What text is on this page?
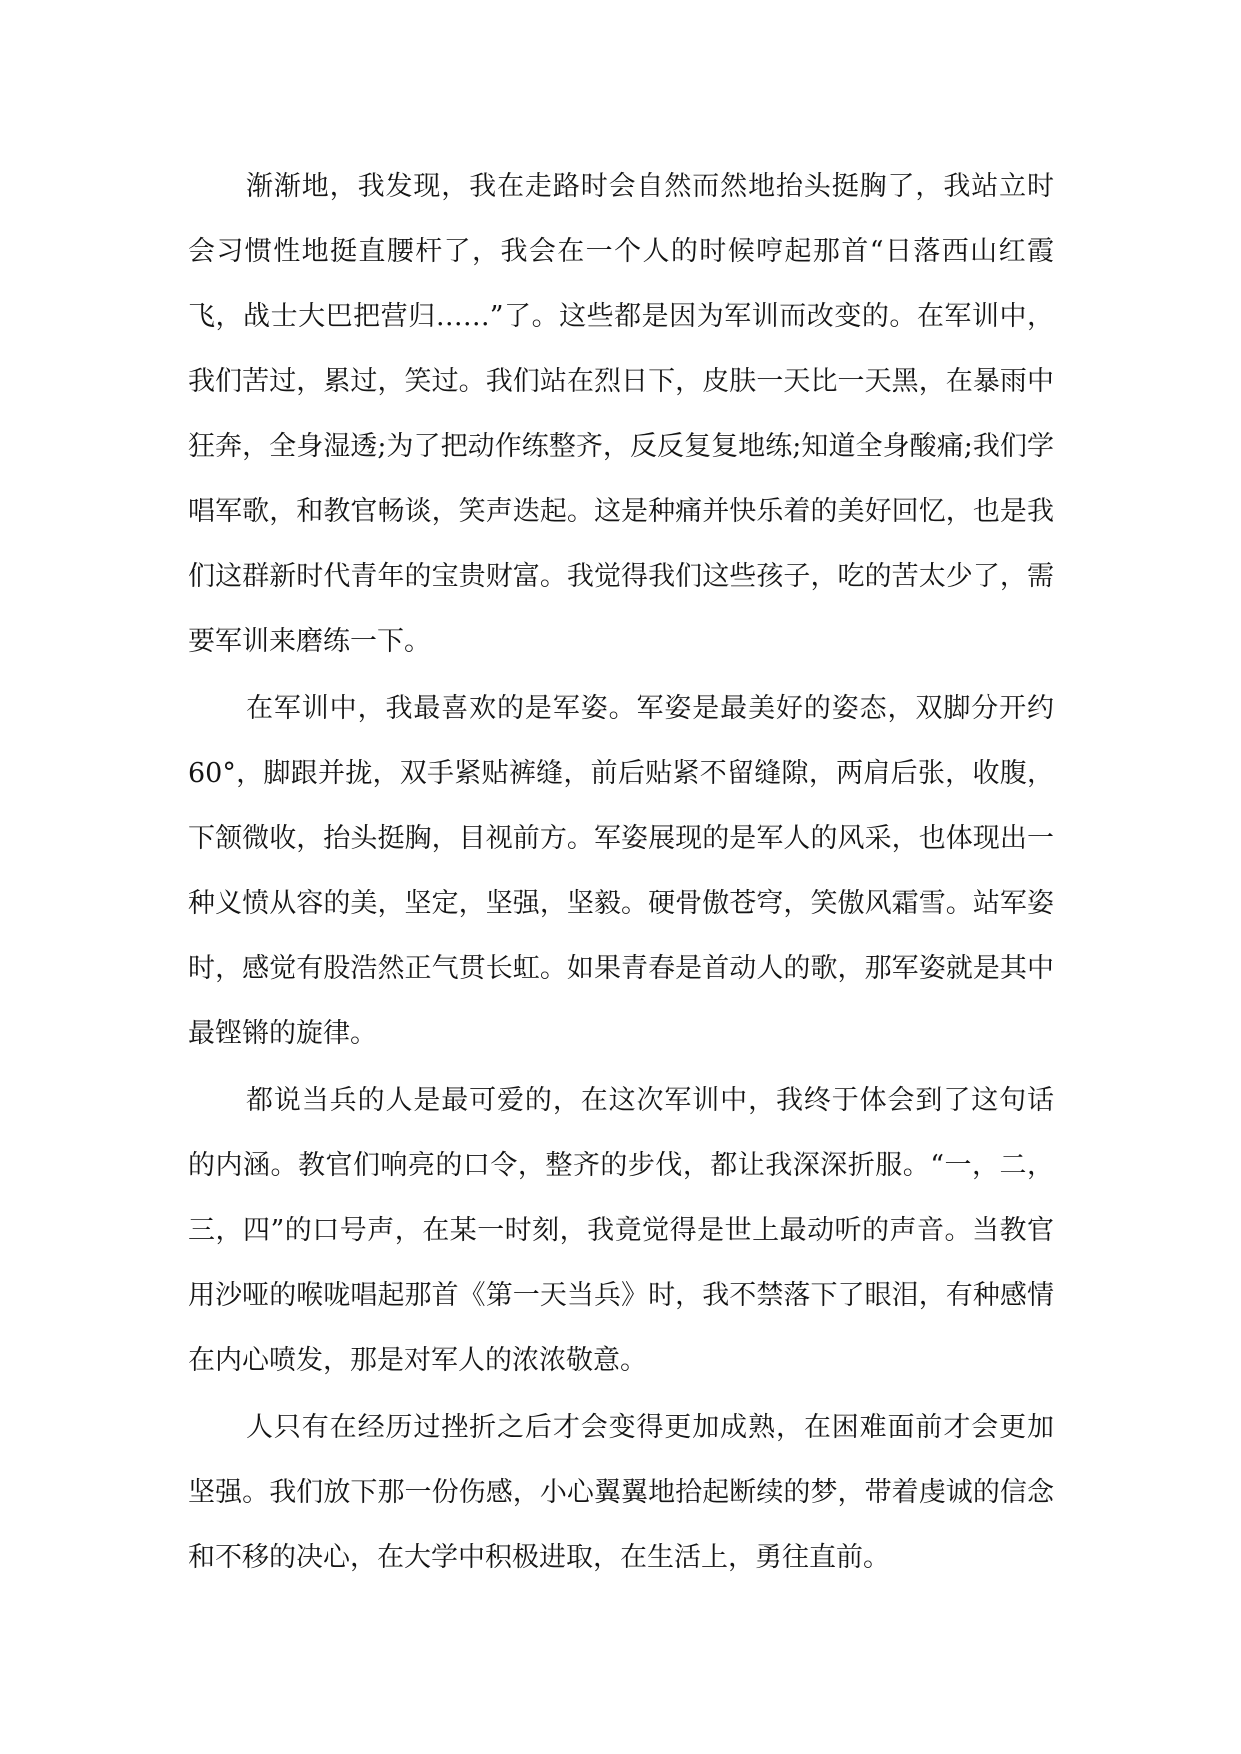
渐渐地，我发现，我在走路时会自然而然地抬头挺胸了，我站立时会习惯性地挺直腰杆了，我会在一个人的时候哼起那首“日落西山红霞飞，战士大巴把营归……”了。这些都是因为军训而改变的。在军训中，我们苦过，累过，笑过。我们站在烈日下，皮肤一天比一天黑，在暴雨中狂奔，全身湿透;为了把动作练整齐，反反复复地练;知道全身酸痛;我们学唱军歌，和教官畅谈，笑声迭起。这是种痛并快乐着的美好回忆，也是我们这群新时代青年的宝贵财富。我觉得我们这些孩子，吃的苦太少了，需要军训来磨练一下。

在军训中，我最喜欢的是军姿。军姿是最美好的姿态，双脚分开约60°，脚跟并拢，双手紧贴裤缝，前后贴紧不留缝隙，两肩后张，收腹，下颔微收，抬头挺胸，目视前方。军姿展现的是军人的风采，也体现出一种义愤从容的美，坚定，坚强，坚毅。硬骨傲苍穹，笑傲风霜雪。站军姿时，感觉有股浩然正气贯长虹。如果青春是首动人的歌，那军姿就是其中最铿锵的旋律。

都说当兵的人是最可爱的，在这次军训中，我终于体会到了这句话的内涵。教官们响亮的口令，整齐的步伐，都让我深深折服。“一，二，三，四”的口号声，在某一时刻，我竟觉得是世上最动听的声音。当教官用沙哑的喉咙唱起那首《第一天当兵》时，我不禁落下了眼泪，有种感情在内心喷发，那是对军人的浓浓敬意。

人只有在经历过挫折之后才会变得更加成熟，在困难面前才会更加坚强。我们放下那一份伤感，小心翼翼地拾起断续的梦，带着虔诚的信念和不移的决心，在大学中积极进取，在生活上，勇往直前。
